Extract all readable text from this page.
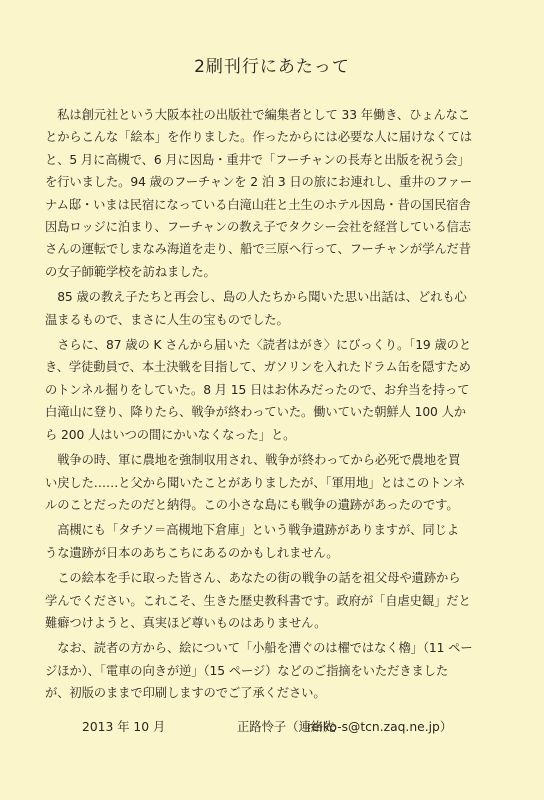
2刷刊行にあたって
　私は創元社という大阪本社の出版社で編集者として 33 年働き、ひょんなこ
とからこんな「絵本」を作りました。作ったからには必要な人に届けなくては
と、5 月に高槻で、6 月に因島・重井で「フーチャンの長寿と出版を祝う会」
を行いました。94 歳のフーチャンを 2 泊 3 日の旅にお連れし、重井のファー
ナム邸・いまは民宿になっている白滝山荘と土生のホテル因島・昔の国民宿舎
因島ロッジに泊まり、フーチャンの教え子でタクシー会社を経営している信志
さんの運転でしまなみ海道を走り、船で三原へ行って、フーチャンが学んだ昔
の女子師範学校を訪ねました。
　85 歳の教え子たちと再会し、島の人たちから聞いた思い出話は、どれも心
温まるもので、まさに人生の宝ものでした。
　さらに、87 歳の K さんから届いた〈読者はがき〉にびっくり。「19 歳のと
き、学徒動員で、本土決戦を目指して、ガソリンを入れたドラム缶を隠すため
のトンネル掘りをしていた。8 月 15 日はお休みだったので、お弁当を持って
白滝山に登り、降りたら、戦争が終わっていた。働いていた朝鮮人 100 人か
ら 200 人はいつの間にかいなくなった」と。
　戦争の時、軍に農地を強制収用され、戦争が終わってから必死で農地を買
い戻した……と父から聞いたことがありましたが、「軍用地」とはこのトンネ
ルのことだったのだと納得。この小さな島にも戦争の遺跡があったのです。
　高槻にも「タチソ＝高槻地下倉庫」という戦争遺跡がありますが、同じよ
うな遺跡が日本のあちこちにあるのかもしれません。
　この絵本を手に取った皆さん、あなたの街の戦争の話を祖父母や遺跡から
学んでください。これこそ、生きた歴史教科書です。政府が「自虐史観」だと
難癖つけようと、真実ほど尊いものはありません。
　なお、読者の方から、絵について「小船を漕ぐのは櫂ではなく櫓」（11 ペー
ジほか）、「電車の向きが逆」（15 ページ）などのご指摘をいただきました
が、初版のままで印刷しますのでご了承ください。
2013 年 10 月	正路怜子（連絡先
reiko-s@tcn.zaq.ne.jp）
